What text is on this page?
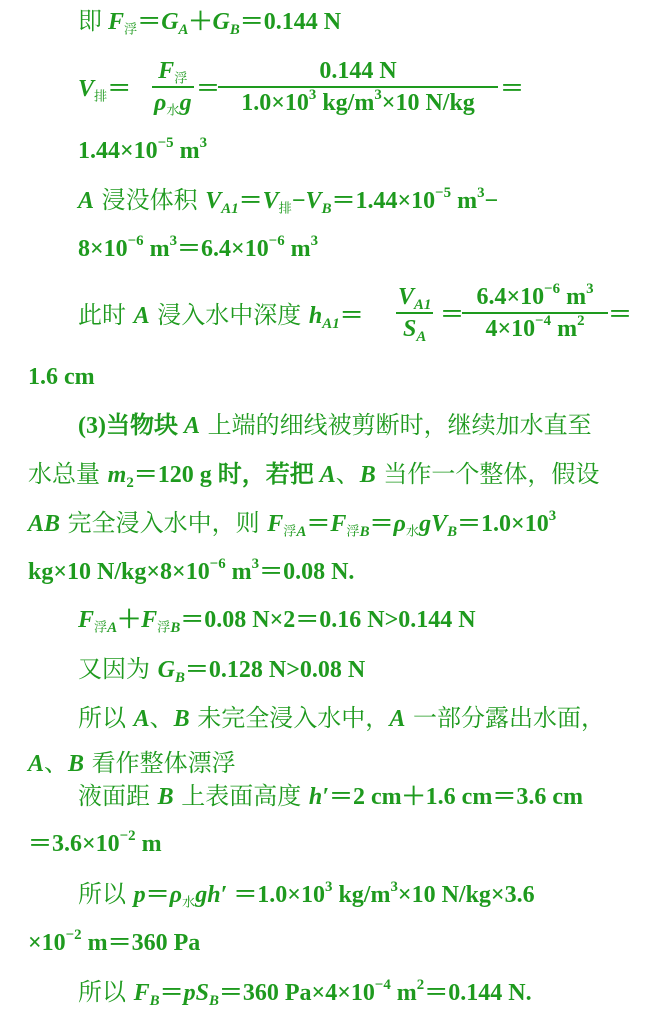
即 $F_浮=G_A+G_B=0.144$ N
$V_排=$
$F_浮$
$\rho_水g$
＝
$\frac{0.144 N}{1.0\times 10^3 kg/m^3\times 10 N/kg}$ ＝
$1.44\times 10^{-5}$ $m^3$
A 浸没体积 $V_{A1}=V_排-V_B=1.44\times 10^{-5}$ $m^3-$
$8\times 10^{-6}$ $m^3=6.4\times 10^{-6}$ $m^3$
此时 A 浸入水中深度 $h_{A1}= \frac{V_{A1}}{S_A}$ ＝
$\frac{6.4\times 10^{-6} m^3}{4\times 10^{-4} m^2}$ ＝
1.6 cm
(3)当物块 A 上端的细线被剪断时，继续加水直至
水总量 $m_2=120$ g 时，若把 A、B 当作一个整体，假设
AB 完全浸入水中，则 $F_{浮A}=F_{浮B}=\rho_水gV_B=1.0\times 10^3$
kg×10 $N/kg\times 8\times 10^{-6}$ $m^3=0.08$ N.
$F_{浮A}+F_{浮B}=0.08$ N×2＝0.16 N>0.144 N
又因为 $G_B=0.128$ N>0.08 N
所以 A、B 未完全浸入水中，A 一部分露出水面，
A、B 看作整体漂浮
液面距 B 上表面高度 h′＝2 cm＋1.6 cm＝3.6 cm
$=3.6\times 10^{-2}$ m
所以 $p=\rho_水gh' =1.0\times 10^3$ $kg/m^3\times 10$ N/kg×3.6
$\times 10^{-2}$ m＝360 Pa
所以 $F_B=pS_B=360$ $Pa\times 4\times 10^{-4}$ $m^2=0.144$ N.
